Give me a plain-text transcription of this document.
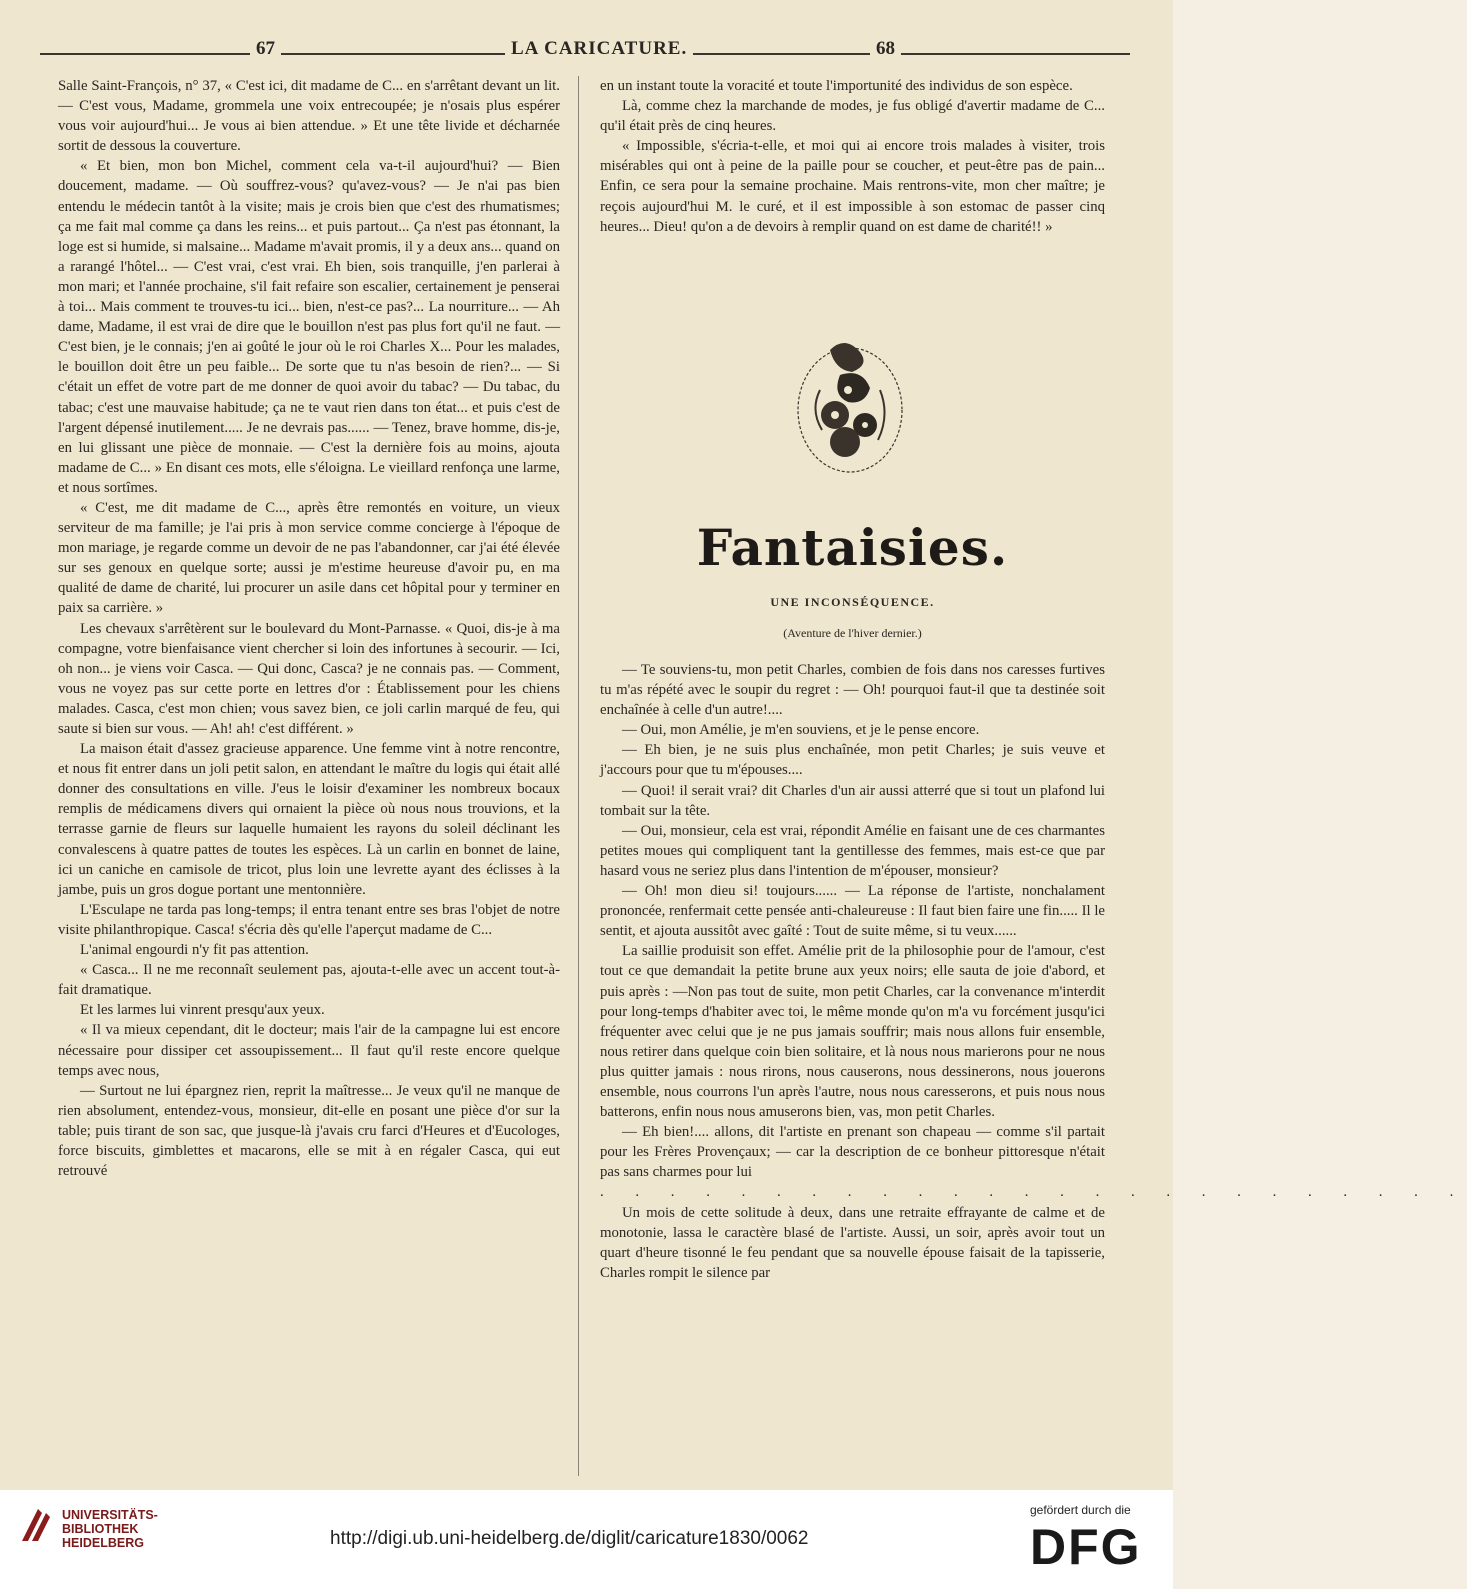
67	LA CARICATURE.	68

Salle Saint-François, n° 37, « C'est ici, dit madame de C... en s'arrêtant devant un lit. — C'est vous, Madame, grommela une voix entrecoupée; je n'osais plus espérer vous voir aujourd'hui... Je vous ai bien attendue. » Et une tête livide et décharnée sortit de dessous la couverture.

« Et bien, mon bon Michel, comment cela va-t-il aujourd'hui? — Bien doucement, madame. — Où souffrez-vous? qu'avez-vous? — Je n'ai pas bien entendu le médecin tantôt à la visite; mais je crois bien que c'est des rhumatismes; ça me fait mal comme ça dans les reins... et puis partout... Ça n'est pas étonnant, la loge est si humide, si malsaine... Madame m'avait promis, il y a deux ans... quand on a rarangé l'hôtel... — C'est vrai, c'est vrai. Eh bien, sois tranquille, j'en parlerai à mon mari; et l'année prochaine, s'il fait refaire son escalier, certainement je penserai à toi... Mais comment te trouves-tu ici... bien, n'est-ce pas?... La nourriture... — Ah dame, Madame, il est vrai de dire que le bouillon n'est pas plus fort qu'il ne faut. — C'est bien, je le connais; j'en ai goûté le jour où le roi Charles X... Pour les malades, le bouillon doit être un peu faible... De sorte que tu n'as besoin de rien?... — Si c'était un effet de votre part de me donner de quoi avoir du tabac? — Du tabac, du tabac; c'est une mauvaise habitude; ça ne te vaut rien dans ton état... et puis c'est de l'argent dépensé inutilement..... Je ne devrais pas...... — Tenez, brave homme, dis-je, en lui glissant une pièce de monnaie. — C'est la dernière fois au moins, ajouta madame de C... » En disant ces mots, elle s'éloigna. Le vieillard renfonça une larme, et nous sortîmes.

« C'est, me dit madame de C..., après être remontés en voiture, un vieux serviteur de ma famille; je l'ai pris à mon service comme concierge à l'époque de mon mariage, je regarde comme un devoir de ne pas l'abandonner, car j'ai été élevée sur ses genoux en quelque sorte; aussi je m'estime heureuse d'avoir pu, en ma qualité de dame de charité, lui procurer un asile dans cet hôpital pour y terminer en paix sa carrière. »

Les chevaux s'arrêtèrent sur le boulevard du Mont-Parnasse. « Quoi, dis-je à ma compagne, votre bienfaisance vient chercher si loin des infortunes à secourir. — Ici, oh non... je viens voir Casca. — Qui donc, Casca? je ne connais pas. — Comment, vous ne voyez pas sur cette porte en lettres d'or : Établissement pour les chiens malades. Casca, c'est mon chien; vous savez bien, ce joli carlin marqué de feu, qui saute si bien sur vous. — Ah! ah! c'est différent. »

La maison était d'assez gracieuse apparence. Une femme vint à notre rencontre, et nous fit entrer dans un joli petit salon, en attendant le maître du logis qui était allé donner des consultations en ville. J'eus le loisir d'examiner les nombreux bocaux remplis de médicamens divers qui ornaient la pièce où nous nous trouvions, et la terrasse garnie de fleurs sur laquelle humaient les rayons du soleil déclinant les convalescens à quatre pattes de toutes les espèces. Là un carlin en bonnet de laine, ici un caniche en camisole de tricot, plus loin une levrette ayant des éclisses à la jambe, puis un gros dogue portant une mentonnière.

L'Esculape ne tarda pas long-temps; il entra tenant entre ses bras l'objet de notre visite philanthropique. Casca! s'écria dès qu'elle l'aperçut madame de C...

L'animal engourdi n'y fit pas attention.

« Casca... Il ne me reconnaît seulement pas, ajouta-t-elle avec un accent tout-à-fait dramatique.

Et les larmes lui vinrent presqu'aux yeux.

« Il va mieux cependant, dit le docteur; mais l'air de la campagne lui est encore nécessaire pour dissiper cet assoupissement... Il faut qu'il reste encore quelque temps avec nous,

— Surtout ne lui épargnez rien, reprit la maîtresse... Je veux qu'il ne manque de rien absolument, entendez-vous, monsieur, dit-elle en posant une pièce d'or sur la table; puis tirant de son sac, que jusque-là j'avais cru farci d'Heures et d'Eucologes, force biscuits, gimblettes et macarons, elle se mit à en régaler Casca, qui eut retrouvé

en un instant toute la voracité et toute l'importunité des individus de son espèce.

Là, comme chez la marchande de modes, je fus obligé d'avertir madame de C... qu'il était près de cinq heures.

« Impossible, s'écria-t-elle, et moi qui ai encore trois malades à visiter, trois misérables qui ont à peine de la paille pour se coucher, et peut-être pas de pain... Enfin, ce sera pour la semaine prochaine. Mais rentrons-vite, mon cher maître; je reçois aujourd'hui M. le curé, et il est impossible à son estomac de passer cinq heures... Dieu! qu'on a de devoirs à remplir quand on est dame de charité!! »

Fantaisies.
UNE INCONSÉQUENCE.
(Aventure de l'hiver dernier.)

— Te souviens-tu, mon petit Charles, combien de fois dans nos caresses furtives tu m'as répété avec le soupir du regret : — Oh! pourquoi faut-il que ta destinée soit enchaînée à celle d'un autre!....

— Oui, mon Amélie, je m'en souviens, et je le pense encore.

— Eh bien, je ne suis plus enchaînée, mon petit Charles; je suis veuve et j'accours pour que tu m'épouses....

— Quoi! il serait vrai? dit Charles d'un air aussi atterré que si tout un plafond lui tombait sur la tête.

— Oui, monsieur, cela est vrai, répondit Amélie en faisant une de ces charmantes petites moues qui compliquent tant la gentillesse des femmes, mais est-ce que par hasard vous ne seriez plus dans l'intention de m'épouser, monsieur?

— Oh! mon dieu si! toujours...... — La réponse de l'artiste, nonchalament prononcée, renfermait cette pensée anti-chaleureuse : Il faut bien faire une fin..... Il le sentit, et ajouta aussitôt avec gaîté : Tout de suite même, si tu veux......

La saillie produisit son effet. Amélie prit de la philosophie pour de l'amour, c'est tout ce que demandait la petite brune aux yeux noirs; elle sauta de joie d'abord, et puis après : —Non pas tout de suite, mon petit Charles, car la convenance m'interdit pour long-temps d'habiter avec toi, le même monde qu'on m'a vu forcément jusqu'ici fréquenter avec celui que je ne pus jamais souffrir; mais nous allons fuir ensemble, nous retirer dans quelque coin bien solitaire, et là nous nous marierons pour ne nous plus quitter jamais : nous rirons, nous causerons, nous dessinerons, nous jouerons ensemble, nous courrons l'un après l'autre, nous nous caresserons, et puis nous nous batterons, enfin nous nous amuserons bien, vas, mon petit Charles.

— Eh bien!.... allons, dit l'artiste en prenant son chapeau — comme s'il partait pour les Frères Provençaux; — car la description de ce bonheur pittoresque n'était pas sans charmes pour lui

. . . . . . . . . . . . . . . . . . . . . . . . .

Un mois de cette solitude à deux, dans une retraite effrayante de calme et de monotonie, lassa le caractère blasé de l'artiste. Aussi, un soir, après avoir tout un quart d'heure tisonné le feu pendant que sa nouvelle épouse faisait de la tapisserie, Charles rompit le silence par

UNIVERSITÄTS-
BIBLIOTHEK
HEIDELBERG	http://digi.ub.uni-heidelberg.de/diglit/caricature1830/0062
gefördert durch die
DFG
